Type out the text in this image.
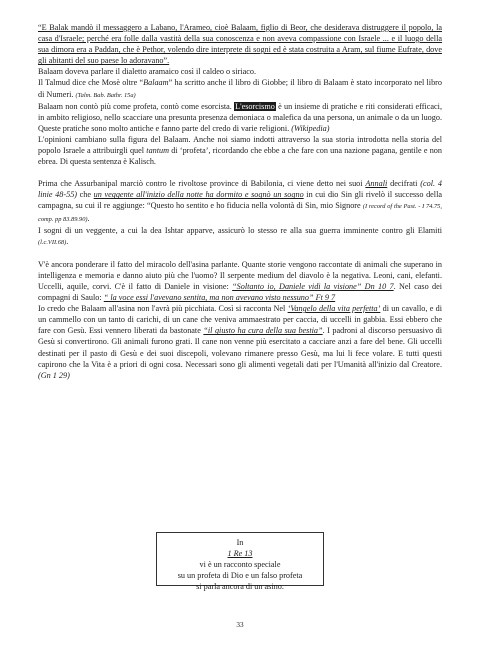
“E Balak mandò il messaggero a Labano, l'Arameo, cioè Balaam, figlio di Beor, che desiderava distruggere il popolo, la casa d'Israele; perché era folle dalla vastità della sua conoscenza e non aveva compassione con Israele ... e il luogo della sua dimora era a Paddan, che è Pethor, volendo dire interprete di sogni ed è stata costruita a Aram, sul fiume Eufrate, dove gli abitanti del suo paese lo adoravano”.

Balaam doveva parlare il dialetto aramaico così il caldeo o siriaco.

Il Talmud dice che Mosè oltre “Balaam” ha scritto anche il libro di Giobbe; il libro di Balaam è stato incorporato nel libro di Numeri. (Talm. Bab. Bathr. 15a)

Balaam non contò più come profeta, contò come esorcista. L'esorcismo è un insieme di pratiche e riti considerati efficaci, in ambito religioso, nello scacciare una presunta presenza demoniaca o malefica da una persona, un animale o da un luogo. Queste pratiche sono molto antiche e fanno parte del credo di varie religioni. (Wikipedia)

L'opinioni cambiano sulla figura del Balaam. Anche noi siamo indotti attraverso la sua storia introdotta nella storia del popolo Israele a attribuirgli quel tantum di ‘profeta’, ricordando che ebbe a che fare con una nazione pagana, gentile e non ebrea. Di questa sentenza è Kalisch.

Prima che Assurbanipal marciò contro le rivoltose province di Babilonia, ci viene detto nei suoi Annali decifrati (col. 4 linie 48-55) che un veggente all'inizio della notte ha dormito e sognò un sogno in cui dio Sin gli rivelò il successo della campagna, su cui il re aggiunge: “Questo ho sentito e ho fiducia nella volontà di Sin, mio Signore (I record of the Past. - I 74.75, comp. pp 83.89.90).

I sogni di un veggente, a cui la dea Ishtar apparve, assicurò lo stesso re alla sua guerra imminente contro gli Elamiti (l.c.VII.68).

V'è ancora ponderare il fatto del miracolo dell'asina parlante. Quante storie vengono raccontate di animali che superano in intelligenza e memoria e danno aiuto più che l'uomo? Il serpente medium del diavolo è la negativa. Leoni, cani, elefanti. Uccelli, aquile, corvi. C'è il fatto di Daniele in visione: “Soltanto io, Daniele vidi la visione” Dn 10 7. Nel caso dei compagni di Saulo: “ la voce essi l'avevano sentita, ma non avevano visto nessuno” Ft 9 7

Io credo che Balaam all'asina non l'avrà più picchiata. Così si racconta Nel ‘Vangelo della vita perfetta’ di un cavallo, e di un cammello con un tanto di carichi, di un cane che veniva ammaestrato per caccia, di uccelli in gabbia. Essi ebbero che fare con Gesù. Essi vennero liberati da bastonate “il giusto ha cura della sua bestia”. I padroni al discorso persuasivo di Gesù si convertirono. Gli animali furono grati. Il cane non venne più esercitato a cacciare anzi a fare del bene. Gli uccelli destinati per il pasto di Gesù e dei suoi discepoli, volevano rimanere presso Gesù, ma lui li fece volare. E tutti questi capirono che la Vita è a priori di ogni cosa. Necessari sono gli alimenti vegetali dati per l'Umanità all'inizio dal Creatore. (Gn 1 29)

In
1 Re 13
vi è un racconto speciale
su un profeta di Dio e un falso profeta
si parla ancora di un asino.
33
